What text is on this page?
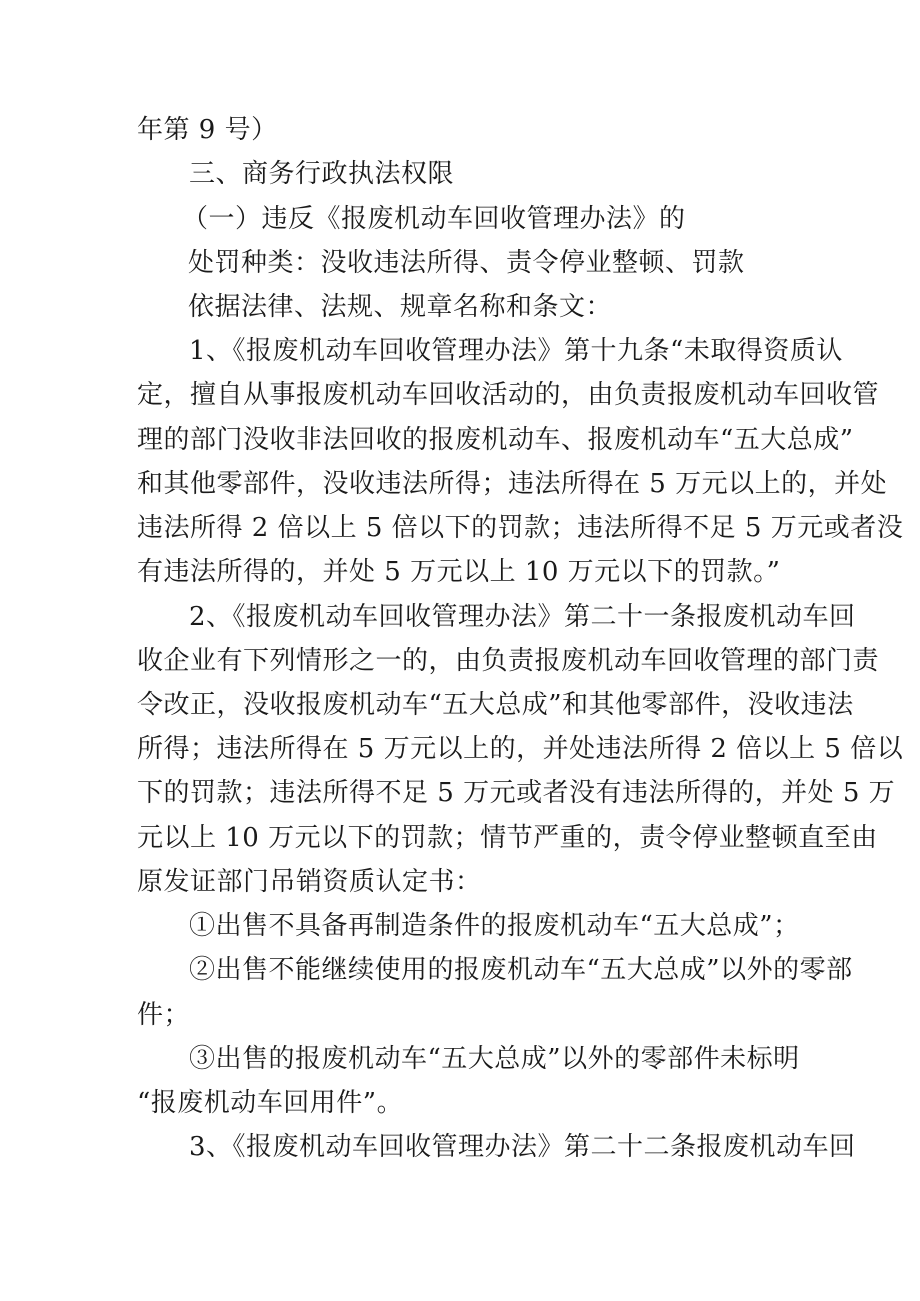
年第 9 号）
三、商务行政执法权限
（一）违反《报废机动车回收管理办法》的
处罚种类：没收违法所得、责令停业整顿、罚款
依据法律、法规、规章名称和条文：
1、《报废机动车回收管理办法》第十九条“未取得资质认
定，擅自从事报废机动车回收活动的，由负责报废机动车回收管
理的部门没收非法回收的报废机动车、报废机动车“五大总成”
和其他零部件，没收违法所得；违法所得在 5 万元以上的，并处
违法所得 2 倍以上 5 倍以下的罚款；违法所得不足 5 万元或者没
有违法所得的，并处 5 万元以上 10 万元以下的罚款。”
2、《报废机动车回收管理办法》第二十一条报废机动车回
收企业有下列情形之一的，由负责报废机动车回收管理的部门责
令改正，没收报废机动车“五大总成”和其他零部件，没收违法
所得；违法所得在 5 万元以上的，并处违法所得 2 倍以上 5 倍以
下的罚款；违法所得不足 5 万元或者没有违法所得的，并处 5 万
元以上 10 万元以下的罚款；情节严重的，责令停业整顿直至由
原发证部门吊销资质认定书：
①出售不具备再制造条件的报废机动车“五大总成”；
②出售不能继续使用的报废机动车“五大总成”以外的零部
件；
③出售的报废机动车“五大总成”以外的零部件未标明
“报废机动车回用件”。
3、《报废机动车回收管理办法》第二十二条报废机动车回
